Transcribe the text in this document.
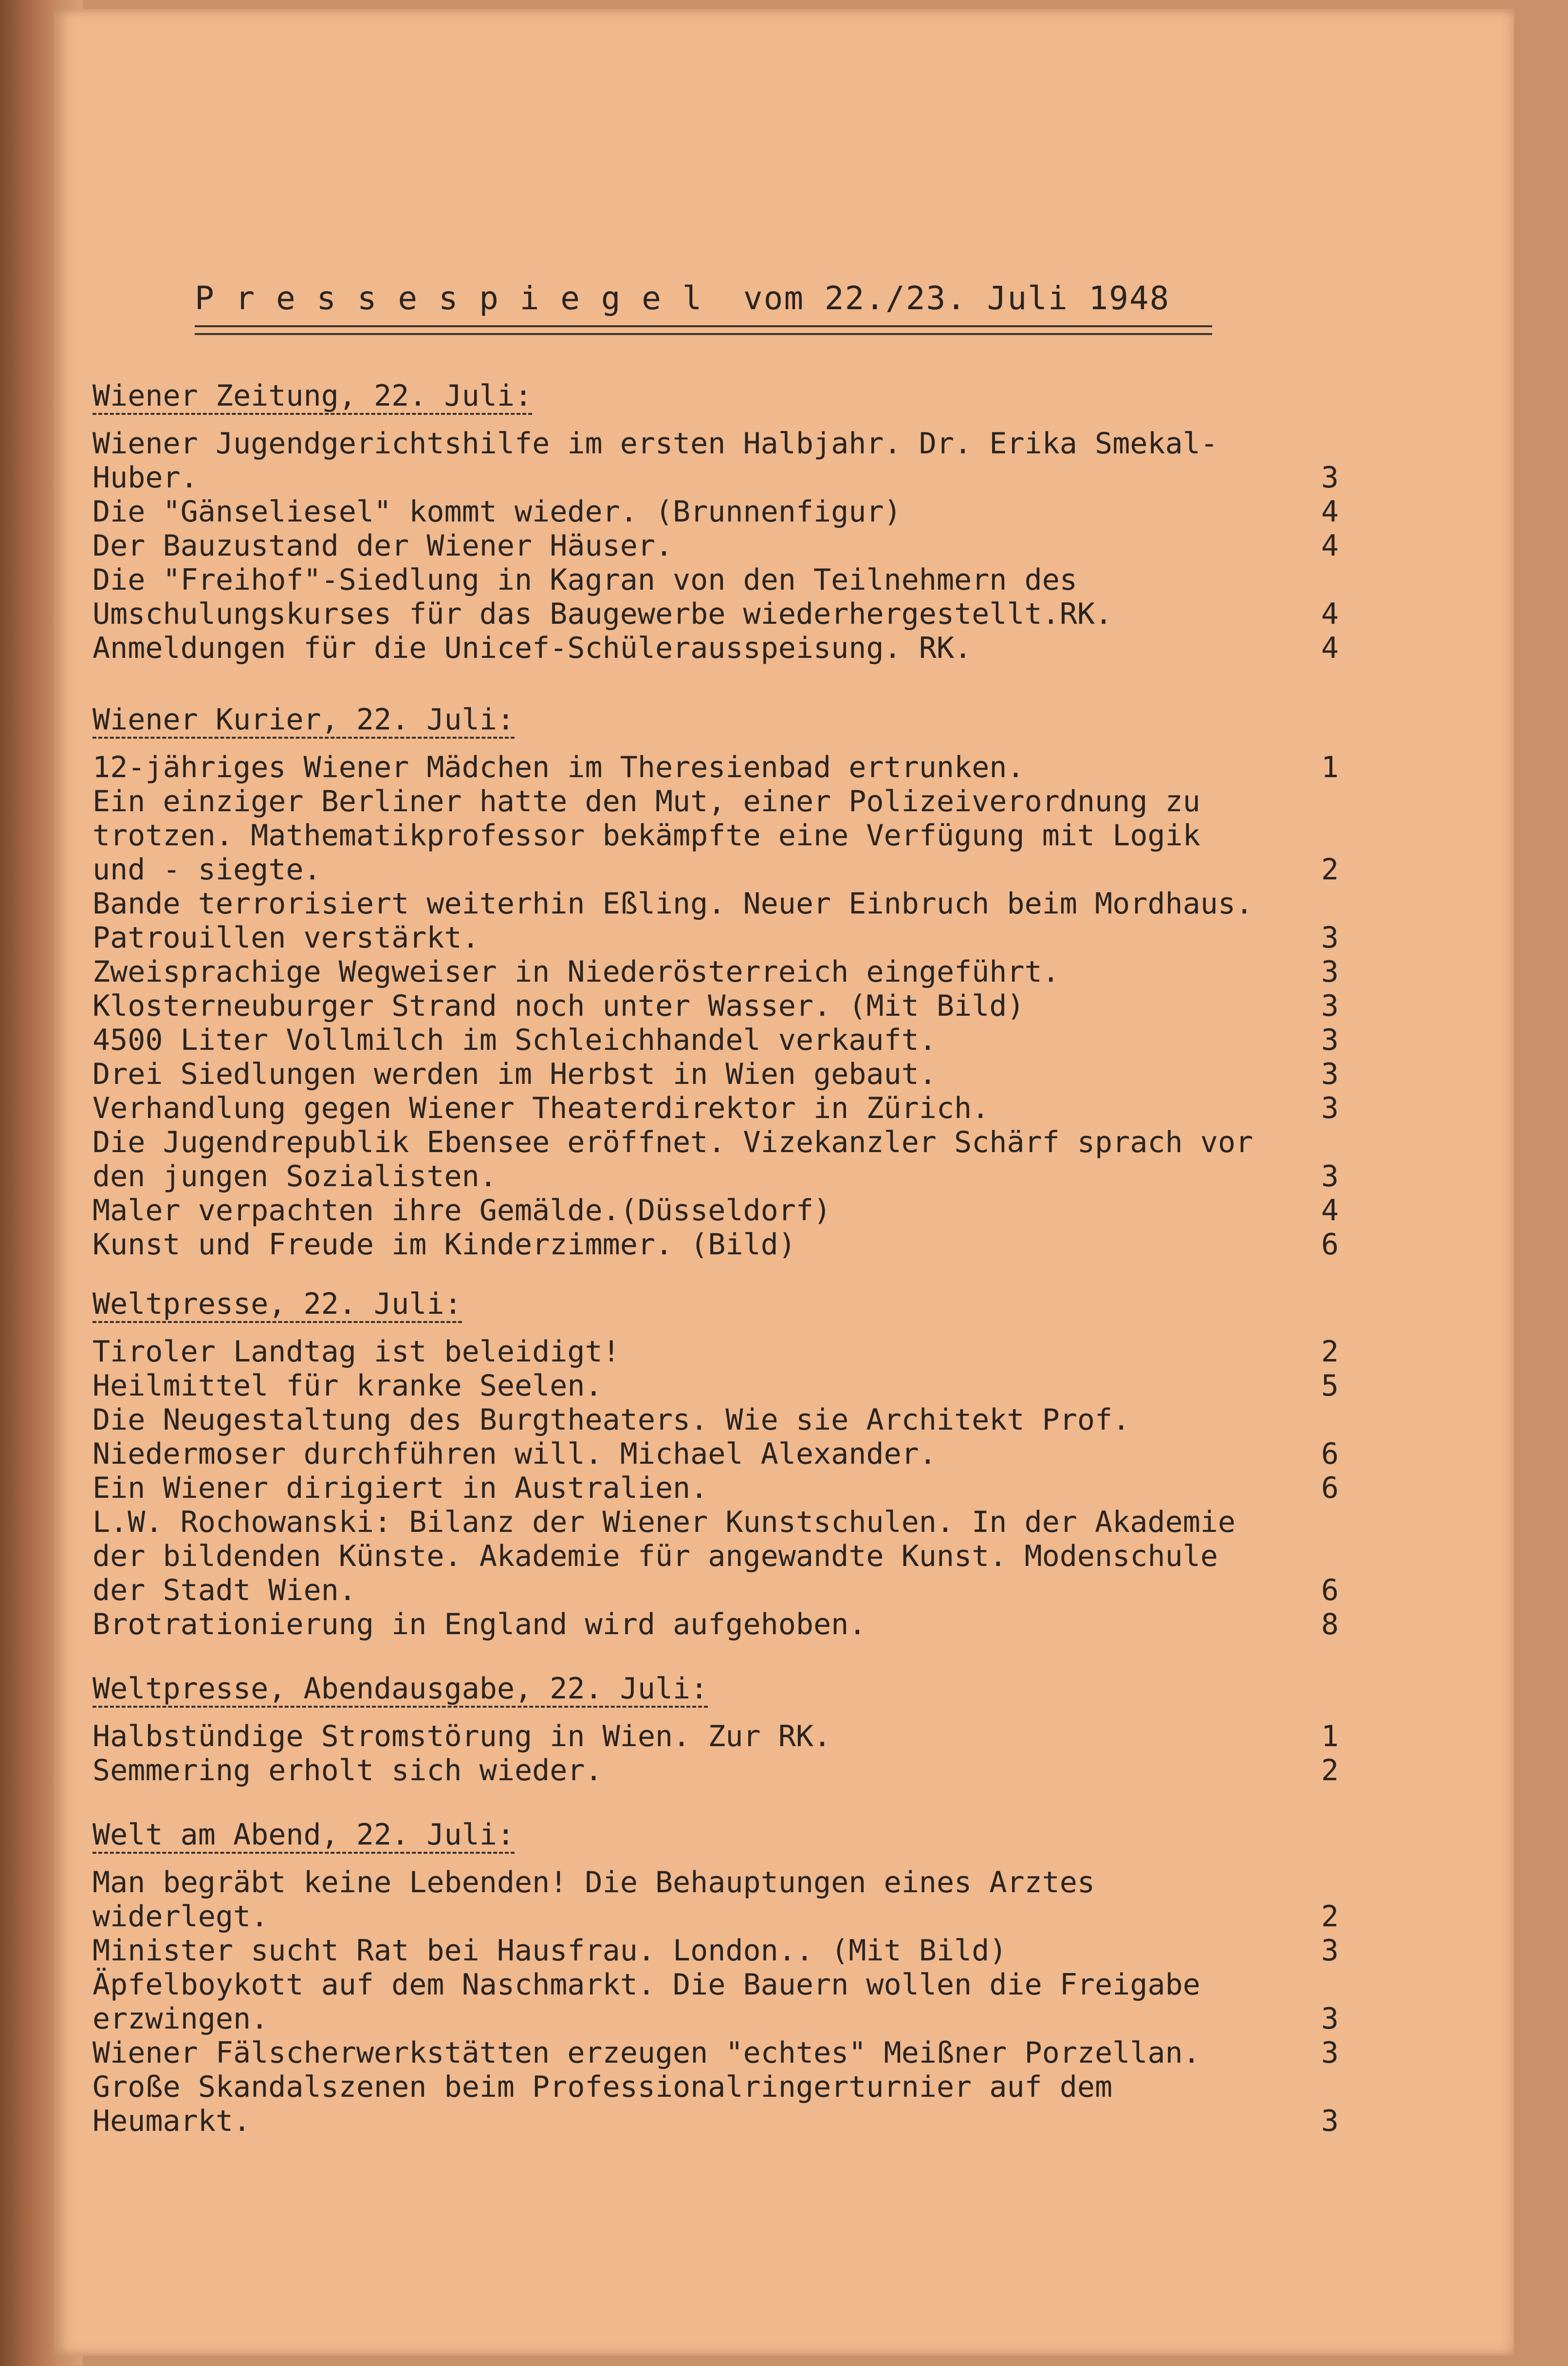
P r e s s e s p i e g e l  vom 22./23. Juli 1948
Wiener Zeitung, 22. Juli:
Wiener Jugendgerichtshilfe im ersten Halbjahr. Dr. Erika Smekal-Huber.	3
Die "Gänseliesel" kommt wieder. (Brunnenfigur)	4
Der Bauzustand der Wiener Häuser.	4
Die "Freihof"-Siedlung in Kagran von den Teilnehmern des Umschulungskurses für das Baugewerbe wiederhergestellt.RK.	4
Anmeldungen für die Unicef-Schülerausspeisung. RK.	4
Wiener Kurier, 22. Juli:
12-jähriges Wiener Mädchen im Theresienbad ertrunken.	1
Ein einziger Berliner hatte den Mut, einer Polizeiverordnung zu trotzen. Mathematikprofessor bekämpfte eine Verfügung mit Logik und - siegte.	2
Bande terrorisiert weiterhin Eßling. Neuer Einbruch beim Mordhaus. Patrouillen verstärkt.	3
Zweisprachige Wegweiser in Niederösterreich eingeführt.	3
Klosterneuburger Strand noch unter Wasser. (Mit Bild)	3
4500 Liter Vollmilch im Schleichhandel verkauft.	3
Drei Siedlungen werden im Herbst in Wien gebaut.	3
Verhandlung gegen Wiener Theaterdirektor in Zürich.	3
Die Jugendrepublik Ebensee eröffnet. Vizekanzler Schärf sprach vor den jungen Sozialisten.	3
Maler verpachten ihre Gemälde.(Düsseldorf)	4
Kunst und Freude im Kinderzimmer. (Bild)	6
Weltpresse, 22. Juli:
Tiroler Landtag ist beleidigt!	2
Heilmittel für kranke Seelen.	5
Die Neugestaltung des Burgtheaters. Wie sie Architekt Prof. Niedermoser durchführen will. Michael Alexander.	6
Ein Wiener dirigiert in Australien.	6
L.W. Rochowanski: Bilanz der Wiener Kunstschulen. In der Akademie der bildenden Künste. Akademie für angewandte Kunst. Modenschule der Stadt Wien.	6
Brotrationierung in England wird aufgehoben.	8
Weltpresse, Abendausgabe, 22. Juli:
Halbstündige Stromstörung in Wien. Zur RK.	1
Semmering erholt sich wieder.	2
Welt am Abend, 22. Juli:
Man begräbt keine Lebenden! Die Behauptungen eines Arztes widerlegt.	2
Minister sucht Rat bei Hausfrau. London.. (Mit Bild)	3
Äpfelboykott auf dem Naschmarkt. Die Bauern wollen die Freigabe erzwingen.	3
Wiener Fälscherwerkstätten erzeugen "echtes" Meißner Porzellan.	3
Große Skandalszenen beim Professionalringerturnier auf dem Heumarkt.	3
